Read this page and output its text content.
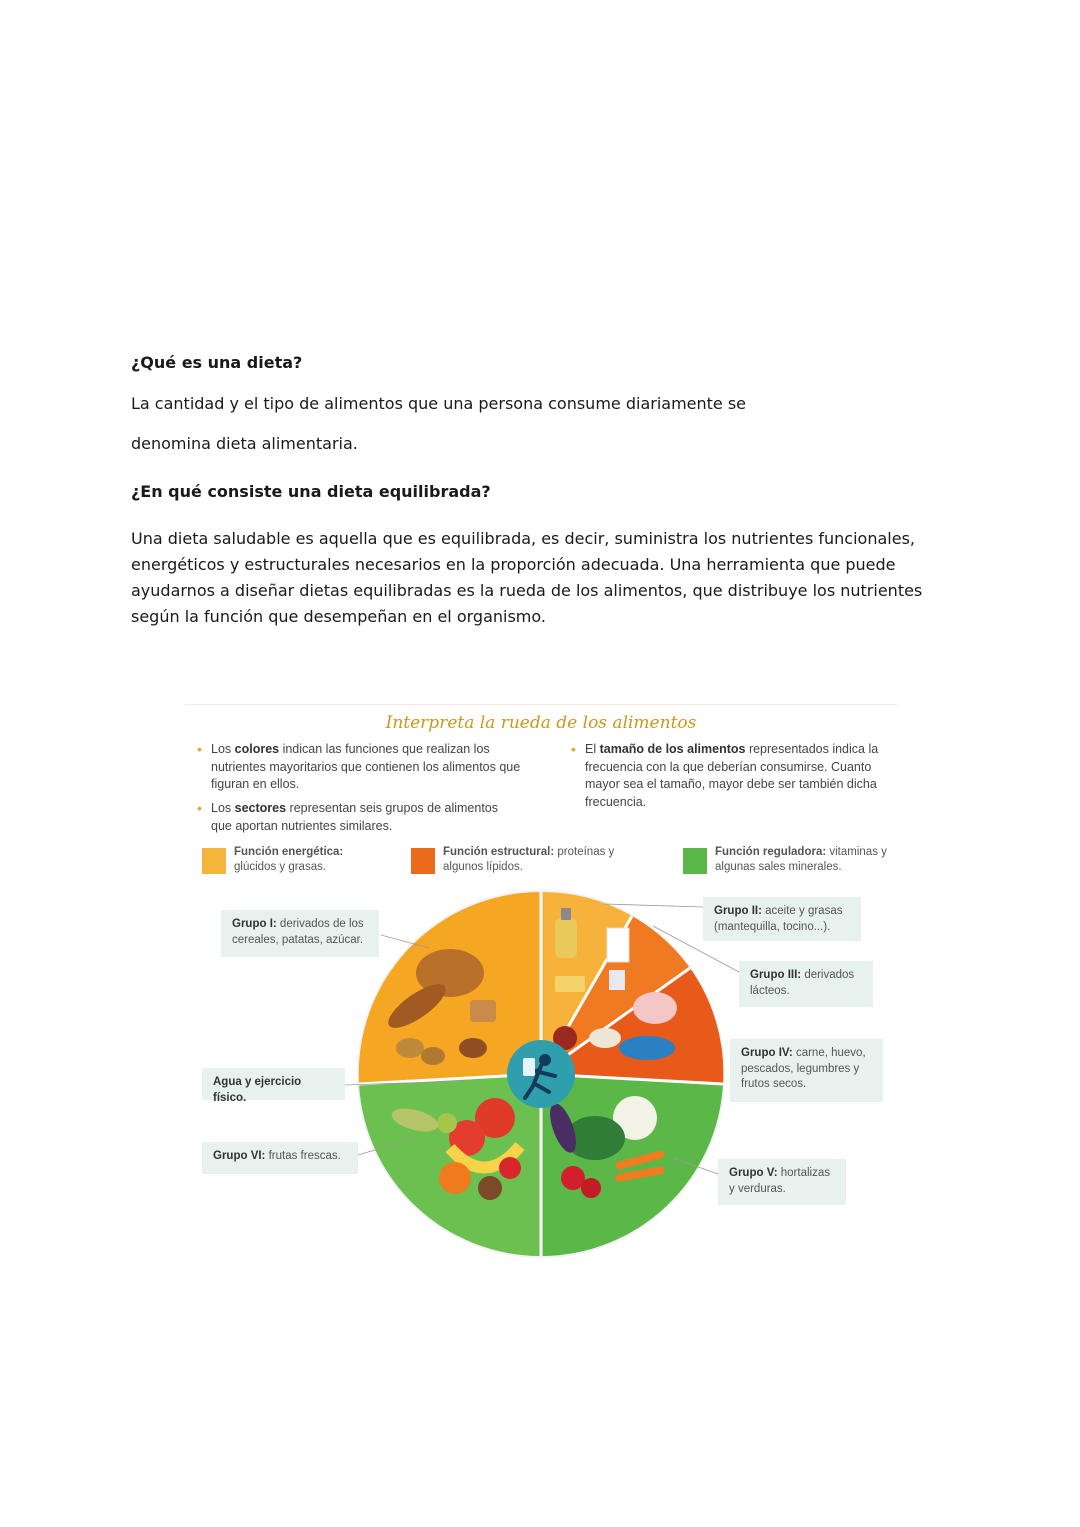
¿Qué es una dieta?

La cantidad y el tipo de alimentos que una persona consume diariamente se

denomina dieta alimentaria.

¿En qué consiste una dieta equilibrada?

Una dieta saludable es aquella que es equilibrada, es decir, suministra los nutrientes funcionales, energéticos y estructurales necesarios en la proporción adecuada. Una herramienta que puede ayudarnos a diseñar dietas equilibradas es la rueda de los alimentos, que distribuye los nutrientes según la función que desempeñan en el organismo.

Interpreta la rueda de los alimentos
• Los colores indican las funciones que realizan los nutrientes mayoritarios que contienen los alimentos que figuran en ellos.
• Los sectores representan seis grupos de alimentos que aportan nutrientes similares.
• El tamaño de los alimentos representados indica la frecuencia con la que deberían consumirse. Cuanto mayor sea el tamaño, mayor debe ser también dicha frecuencia.
Función energética: glúcidos y grasas.
Función estructural: proteínas y algunos lípidos.
Función reguladora: vitaminas y algunas sales minerales.
Grupo I: derivados de los cereales, patatas, azúcar.
Grupo II: aceite y grasas (mantequilla, tocino...).
Grupo III: derivados lácteos.
Grupo IV: carne, huevo, pescados, legumbres y frutos secos.
Grupo V: hortalizas y verduras.
Grupo VI: frutas frescas.
Agua y ejercicio físico.
